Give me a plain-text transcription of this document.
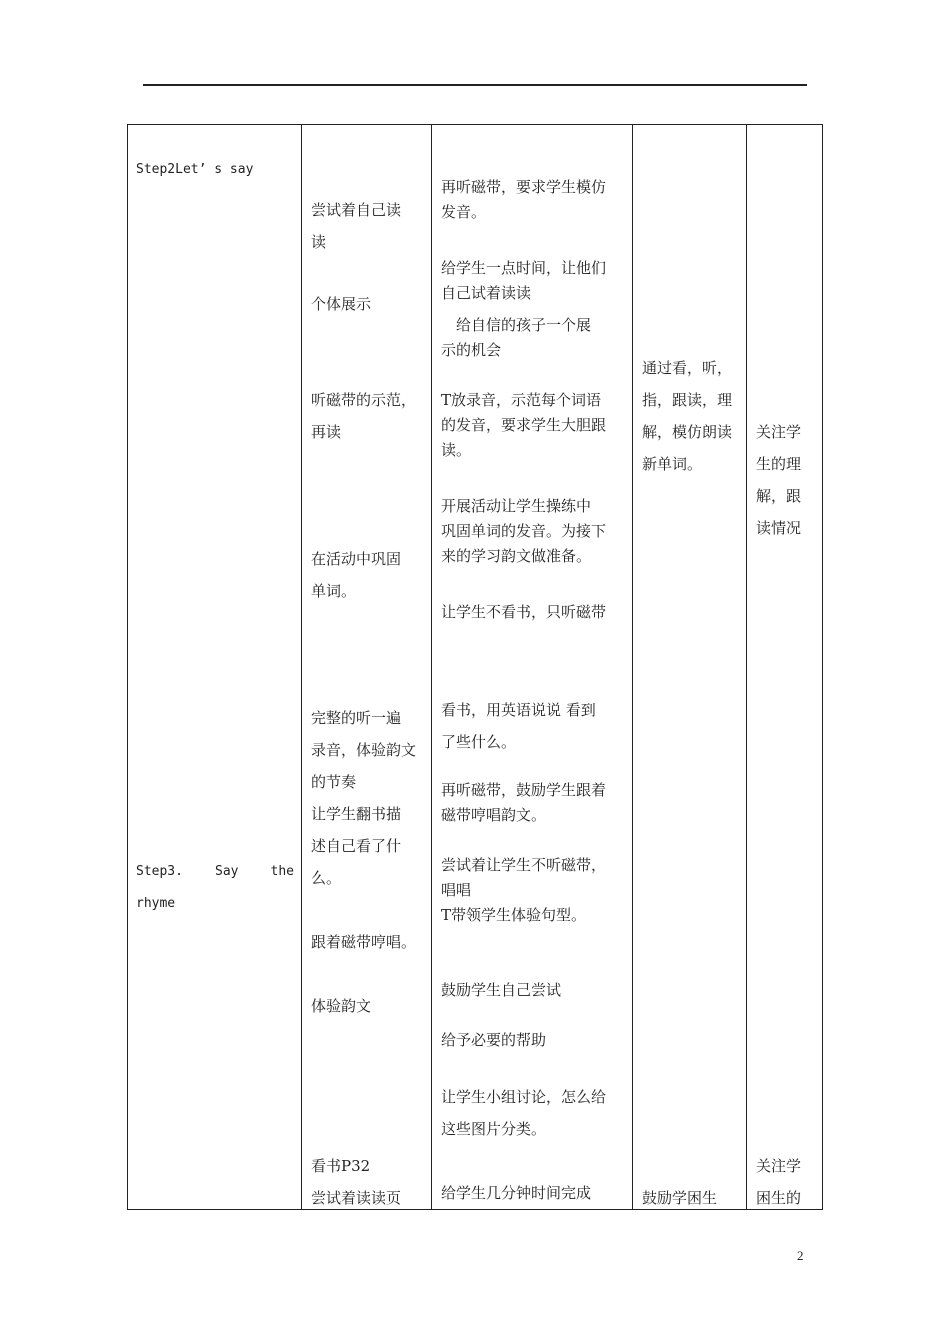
Step2Let’ s say
Step3. Say the
rhyme
尝试着自己读
读
个体展示
听磁带的示范，
再读
在活动中巩固
单词。
完整的听一遍
录音，体验韵文
的节奏
让学生翻书描
述自己看了什
么。
跟着磁带哼唱。
体验韵文
看书P32
尝试着读读页
再听磁带，要求学生模仿
发音。
给学生一点时间，让他们
自己试着读读
给自信的孩子一个展
示的机会
T放录音，示范每个词语
的发音，要求学生大胆跟
读。
开展活动让学生操练中
巩固单词的发音。为接下
来的学习韵文做准备。
让学生不看书，只听磁带
看书，用英语说说 看到
了些什么。
再听磁带，鼓励学生跟着
磁带哼唱韵文。
尝试着让学生不听磁带，
唱唱
T带领学生体验句型。
鼓励学生自己尝试
给予必要的帮助
让学生小组讨论，怎么给
这些图片分类。
给学生几分钟时间完成
通过看，听，
指，跟读，理
解，模仿朗读
新单词。
鼓励学困生
关注学
生的理
解，跟
读情况
关注学
困生的
2
